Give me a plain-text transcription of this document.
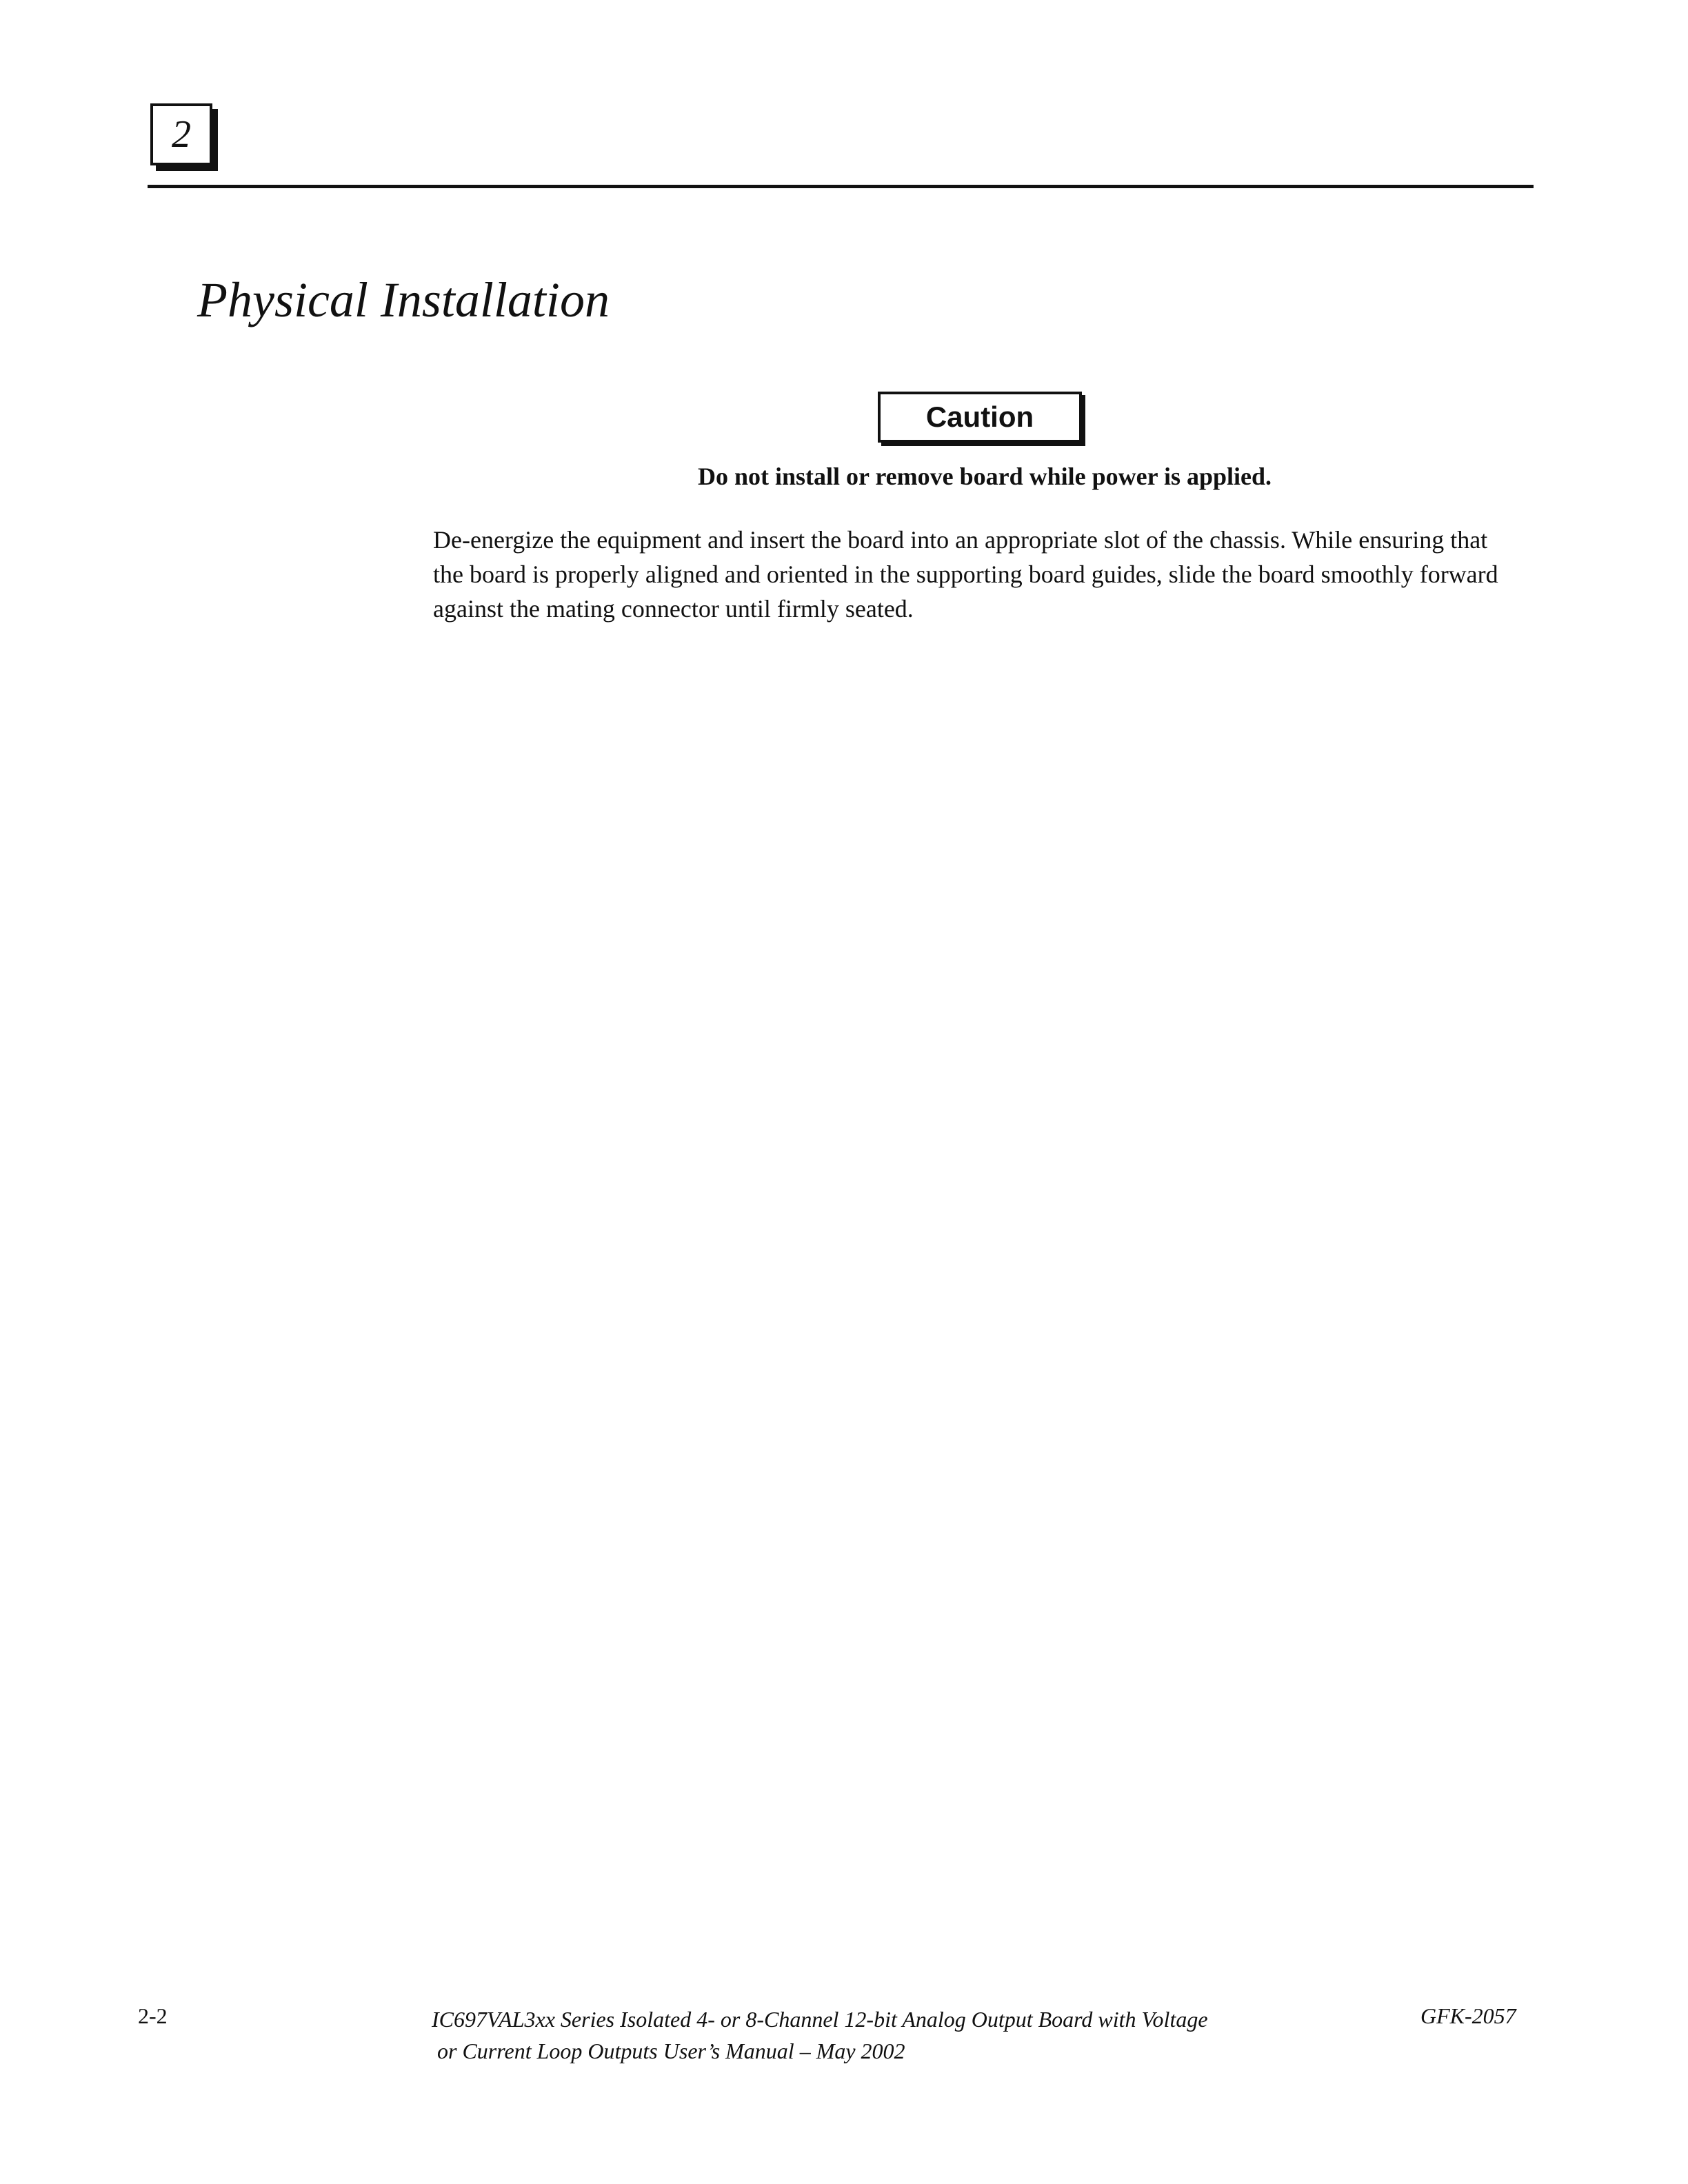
2
Physical Installation
Caution
Do not install or remove board while power is applied.

De-energize the equipment and insert the board into an appropriate slot of the chassis. While ensuring that the board is properly aligned and oriented in the supporting board guides, slide the board smoothly forward against the mating connector until firmly seated.

2-2	IC697VAL3xx Series Isolated 4- or 8-Channel 12-bit Analog Output Board with Voltage
or Current Loop Outputs User’s Manual – May 2002
GFK-2057
